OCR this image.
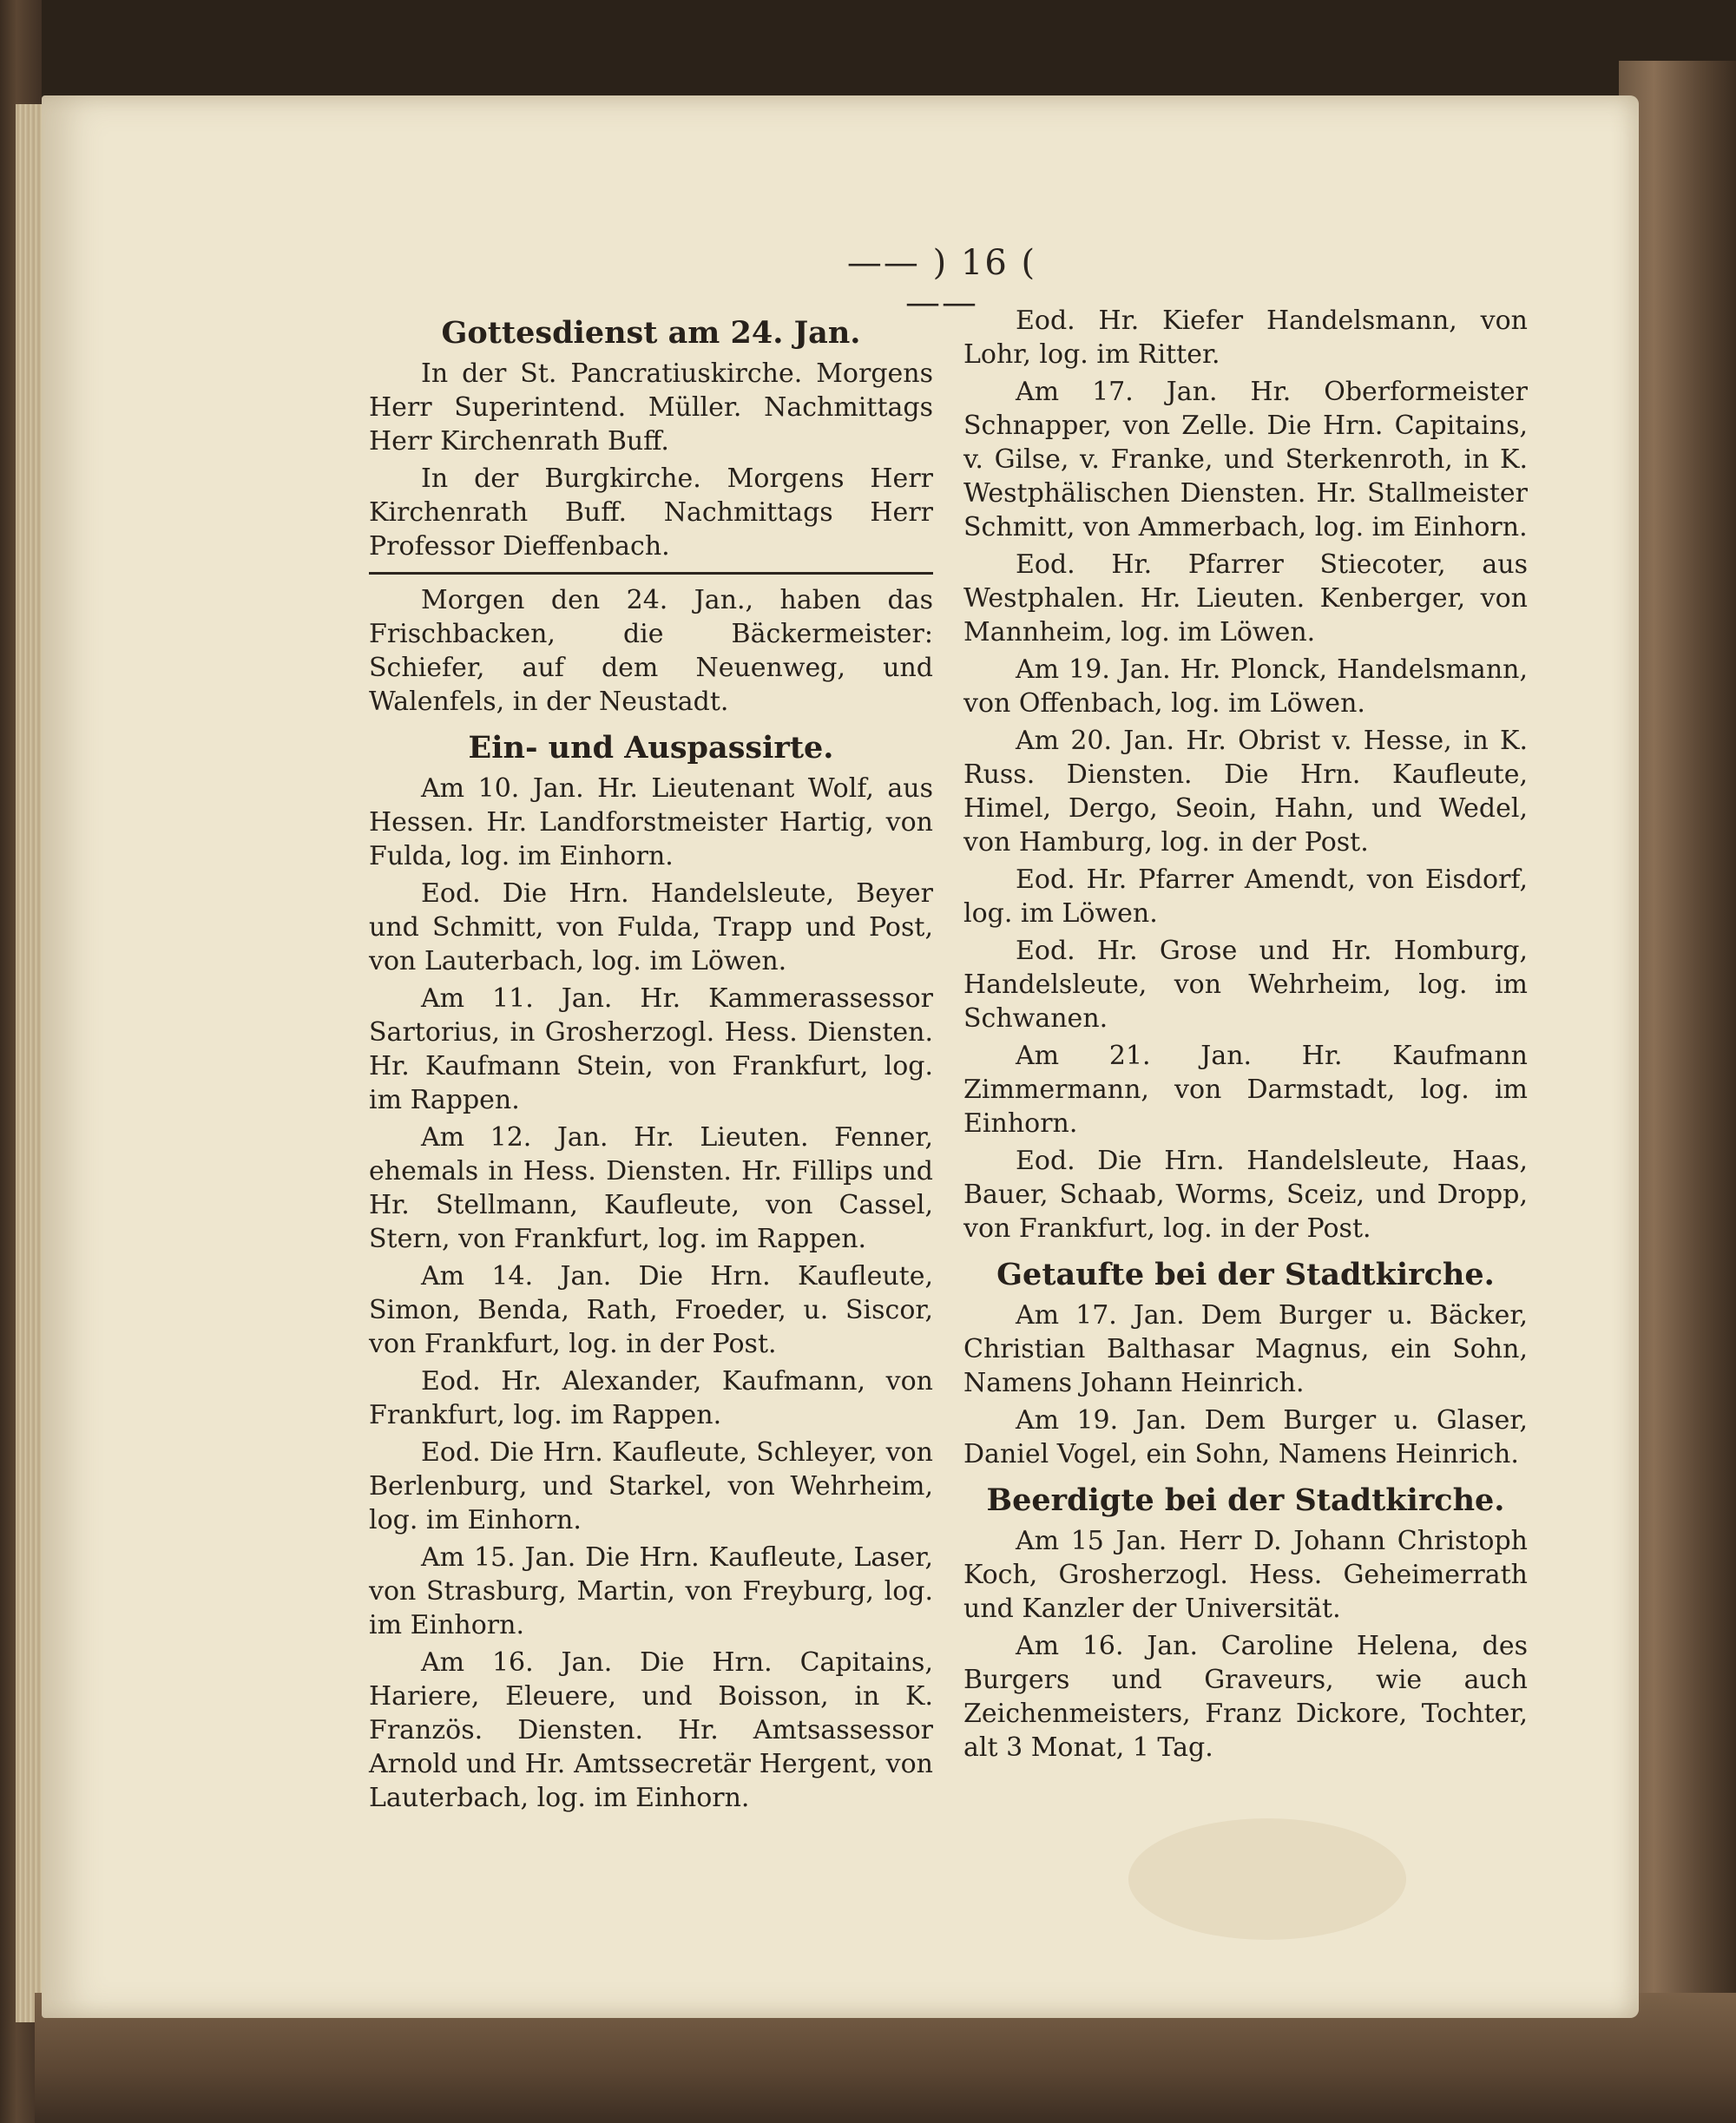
—— ) 16 ( ——
Gottesdienst am 24. Jan.

In der St. Pancratiuskirche. Morgens Herr Superintend. Müller. Nachmittags Herr Kirchenrath Buff.

In der Burgkirche. Morgens Herr Kirchenrath Buff. Nachmittags Herr Professor Dieffenbach.

Morgen den 24. Jan., haben das Frischbacken, die Bäckermeister: Schiefer, auf dem Neuenweg, und Walenfels, in der Neustadt.

Ein- und Auspassirte.

Am 10. Jan. Hr. Lieutenant Wolf, aus Hessen. Hr. Landforstmeister Hartig, von Fulda, log. im Einhorn.

Eod. Die Hrn. Handelsleute, Beyer und Schmitt, von Fulda, Trapp und Post, von Lauterbach, log. im Löwen.

Am 11. Jan. Hr. Kammerassessor Sartorius, in Grosherzogl. Hess. Diensten. Hr. Kaufmann Stein, von Frankfurt, log. im Rappen.

Am 12. Jan. Hr. Lieuten. Fenner, ehemals in Hess. Diensten. Hr. Fillips und Hr. Stellmann, Kaufleute, von Cassel, Stern, von Frankfurt, log. im Rappen.

Am 14. Jan. Die Hrn. Kaufleute, Simon, Benda, Rath, Froeder, u. Siscor, von Frankfurt, log. in der Post.

Eod. Hr. Alexander, Kaufmann, von Frankfurt, log. im Rappen.

Eod. Die Hrn. Kaufleute, Schleyer, von Berlenburg, und Starkel, von Wehrheim, log. im Einhorn.

Am 15. Jan. Die Hrn. Kaufleute, Laser, von Strasburg, Martin, von Freyburg, log. im Einhorn.

Am 16. Jan. Die Hrn. Capitains, Hariere, Eleuere, und Boisson, in K. Französ. Diensten. Hr. Amtsassessor Arnold und Hr. Amtssecretär Hergent, von Lauterbach, log. im Einhorn.

Eod. Hr. Kiefer Handelsmann, von Lohr, log. im Ritter.

Am 17. Jan. Hr. Oberformeister Schnapper, von Zelle. Die Hrn. Capitains, v. Gilse, v. Franke, und Sterkenroth, in K. Westphälischen Diensten. Hr. Stallmeister Schmitt, von Ammerbach, log. im Einhorn.

Eod. Hr. Pfarrer Stiecoter, aus Westphalen. Hr. Lieuten. Kenberger, von Mannheim, log. im Löwen.

Am 19. Jan. Hr. Plonck, Handelsmann, von Offenbach, log. im Löwen.

Am 20. Jan. Hr. Obrist v. Hesse, in K. Russ. Diensten. Die Hrn. Kaufleute, Himel, Dergo, Seoin, Hahn, und Wedel, von Hamburg, log. in der Post.

Eod. Hr. Pfarrer Amendt, von Eisdorf, log. im Löwen.

Eod. Hr. Grose und Hr. Homburg, Handelsleute, von Wehrheim, log. im Schwanen.

Am 21. Jan. Hr. Kaufmann Zimmermann, von Darmstadt, log. im Einhorn.

Eod. Die Hrn. Handelsleute, Haas, Bauer, Schaab, Worms, Sceiz, und Dropp, von Frankfurt, log. in der Post.

Getaufte bei der Stadtkirche.

Am 17. Jan. Dem Burger u. Bäcker, Christian Balthasar Magnus, ein Sohn, Namens Johann Heinrich.

Am 19. Jan. Dem Burger u. Glaser, Daniel Vogel, ein Sohn, Namens Heinrich.

Beerdigte bei der Stadtkirche.

Am 15 Jan. Herr D. Johann Christoph Koch, Grosherzogl. Hess. Geheimerrath und Kanzler der Universität.

Am 16. Jan. Caroline Helena, des Burgers und Graveurs, wie auch Zeichenmeisters, Franz Dickore, Tochter, alt 3 Monat, 1 Tag.
